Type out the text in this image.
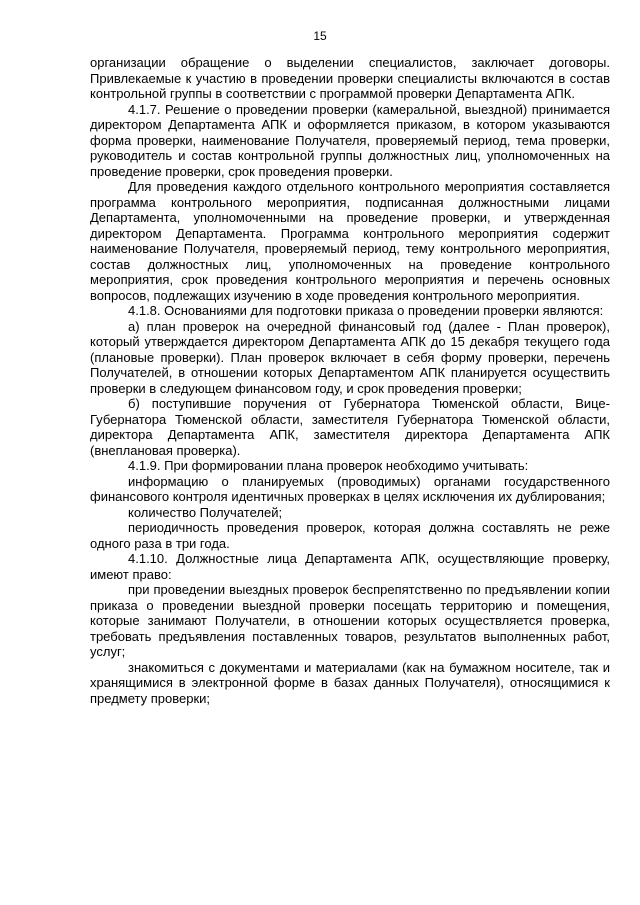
15

организации обращение о выделении специалистов, заключает договоры. Привлекаемые к участию в проведении проверки специалисты включаются в состав контрольной группы в соответствии с программой проверки Департамента АПК.

4.1.7. Решение о проведении проверки (камеральной, выездной) принимается директором Департамента АПК и оформляется приказом, в котором указываются форма проверки, наименование Получателя, проверяемый период, тема проверки, руководитель и состав контрольной группы должностных лиц, уполномоченных на проведение проверки, срок проведения проверки.

Для проведения каждого отдельного контрольного мероприятия составляется программа контрольного мероприятия, подписанная должностными лицами Департамента, уполномоченными на проведение проверки, и утвержденная директором Департамента. Программа контрольного мероприятия содержит наименование Получателя, проверяемый период, тему контрольного мероприятия, состав должностных лиц, уполномоченных на проведение контрольного мероприятия, срок проведения контрольного мероприятия и перечень основных вопросов, подлежащих изучению в ходе проведения контрольного мероприятия.

4.1.8. Основаниями для подготовки приказа о проведении проверки являются:

а) план проверок на очередной финансовый год (далее - План проверок), который утверждается директором Департамента АПК до 15 декабря текущего года (плановые проверки). План проверок включает в себя форму проверки, перечень Получателей, в отношении которых Департаментом АПК планируется осуществить проверки в следующем финансовом году, и срок проведения проверки;

б) поступившие поручения от Губернатора Тюменской области, Вице-Губернатора Тюменской области, заместителя Губернатора Тюменской области, директора Департамента АПК, заместителя директора Департамента АПК (внеплановая проверка).

4.1.9. При формировании плана проверок необходимо учитывать:

информацию о планируемых (проводимых) органами государственного финансового контроля идентичных проверках в целях исключения их дублирования;

количество Получателей;

периодичность проведения проверок, которая должна составлять не реже одного раза в три года.

4.1.10. Должностные лица Департамента АПК, осуществляющие проверку, имеют право:

при проведении выездных проверок беспрепятственно по предъявлении копии приказа о проведении выездной проверки посещать территорию и помещения, которые занимают Получатели, в отношении которых осуществляется проверка, требовать предъявления поставленных товаров, результатов выполненных работ, услуг;

знакомиться с документами и материалами (как на бумажном носителе, так и хранящимися в электронной форме в базах данных Получателя), относящимися к предмету проверки;
